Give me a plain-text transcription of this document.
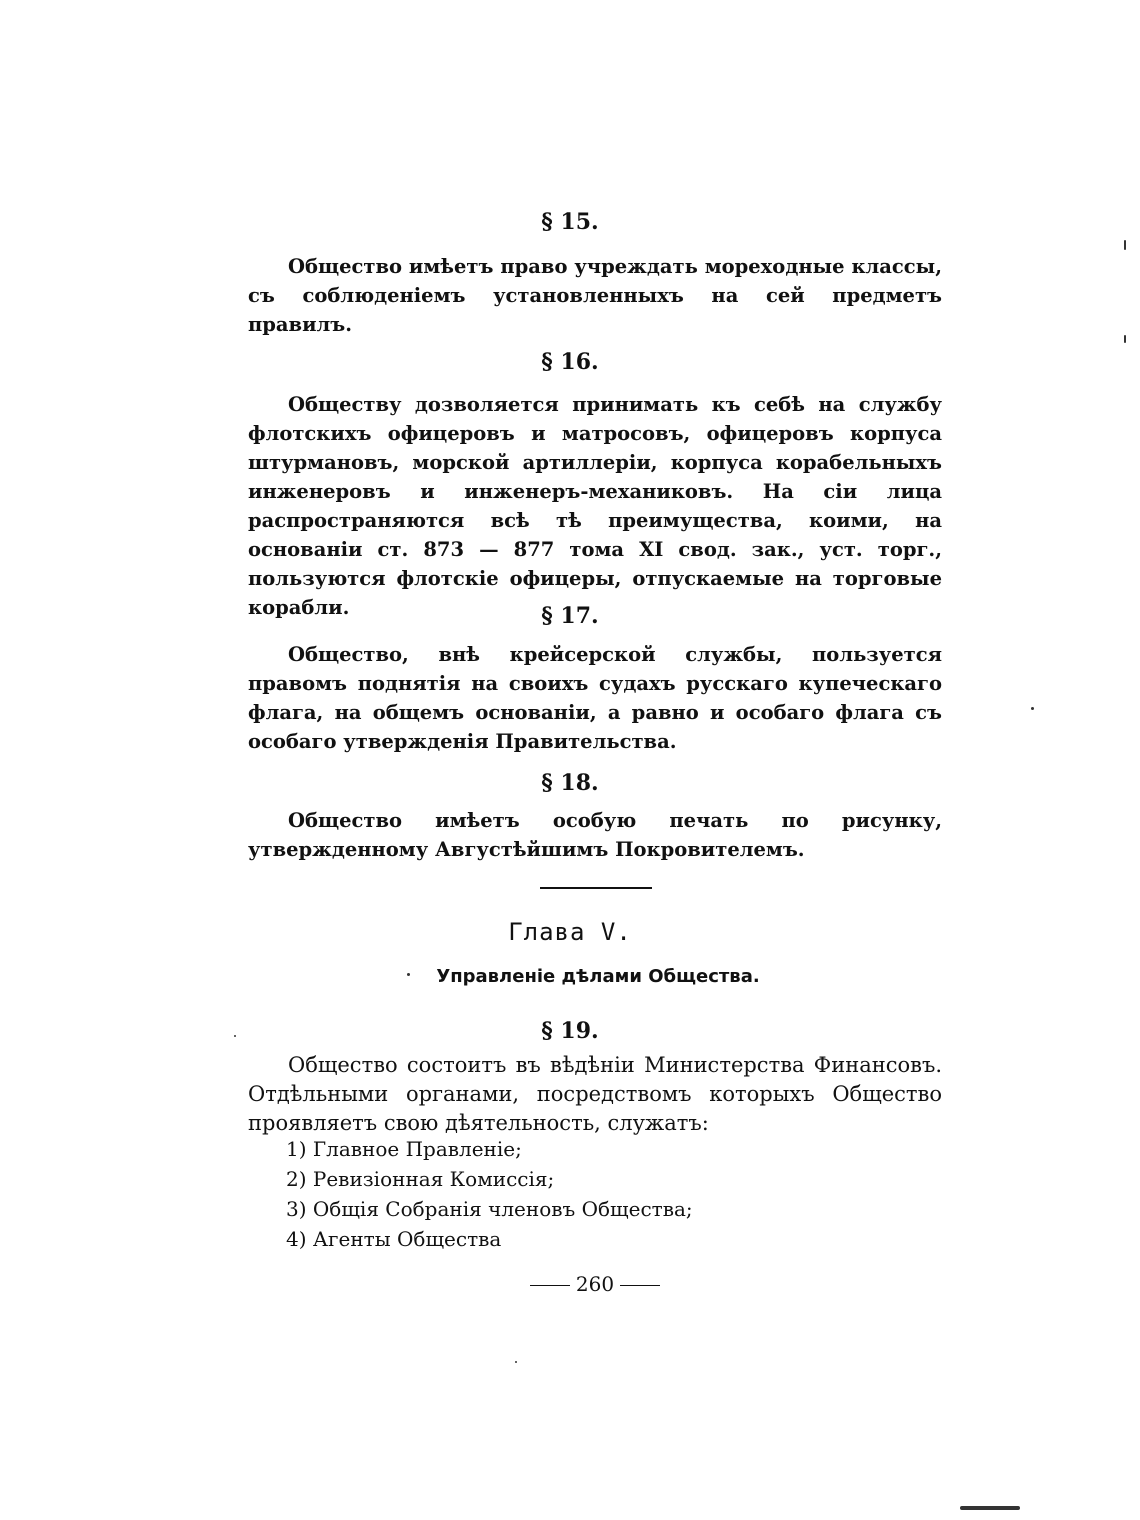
§ 15.

Общество имѣетъ право учреждать мореходные классы, съ соблюденіемъ установленныхъ на сей предметъ правилъ.

§ 16.

Обществу дозволяется принимать къ себѣ на службу флотскихъ офицеровъ и матросовъ, офицеровъ корпуса штурмановъ, морской артиллеріи, корпуса корабельныхъ инженеровъ и инженеръ-механиковъ. На сіи лица распространяются всѣ тѣ преимущества, коими, на основаніи ст. 873 — 877 тома XI свод. зак., уст. торг., пользуются флотскіе офицеры, отпускаемые на торговые корабли.	§ 17.

Общество, внѣ крейсерской службы, пользуется правомъ поднятія на своихъ судахъ русскаго купеческаго флага, на общемъ основаніи, а равно и особаго флага съ особаго утвержденія Правительства.

§ 18.

Общество имѣетъ особую печать по рисунку, утвержденному Августѣйшимъ Покровителемъ.

Глава V.
Управленіе дѣлами Общества.
§ 19.

Общество состоитъ въ вѣдѣніи Министерства Финансовъ. Отдѣльными органами, посредствомъ которыхъ Общество проявляетъ свою дѣятельность, служатъ:

1) Главное Правленіе;
2) Ревизіонная Комиссія;
3) Общія Собранія членовъ Общества;
4) Агенты Общества
260
